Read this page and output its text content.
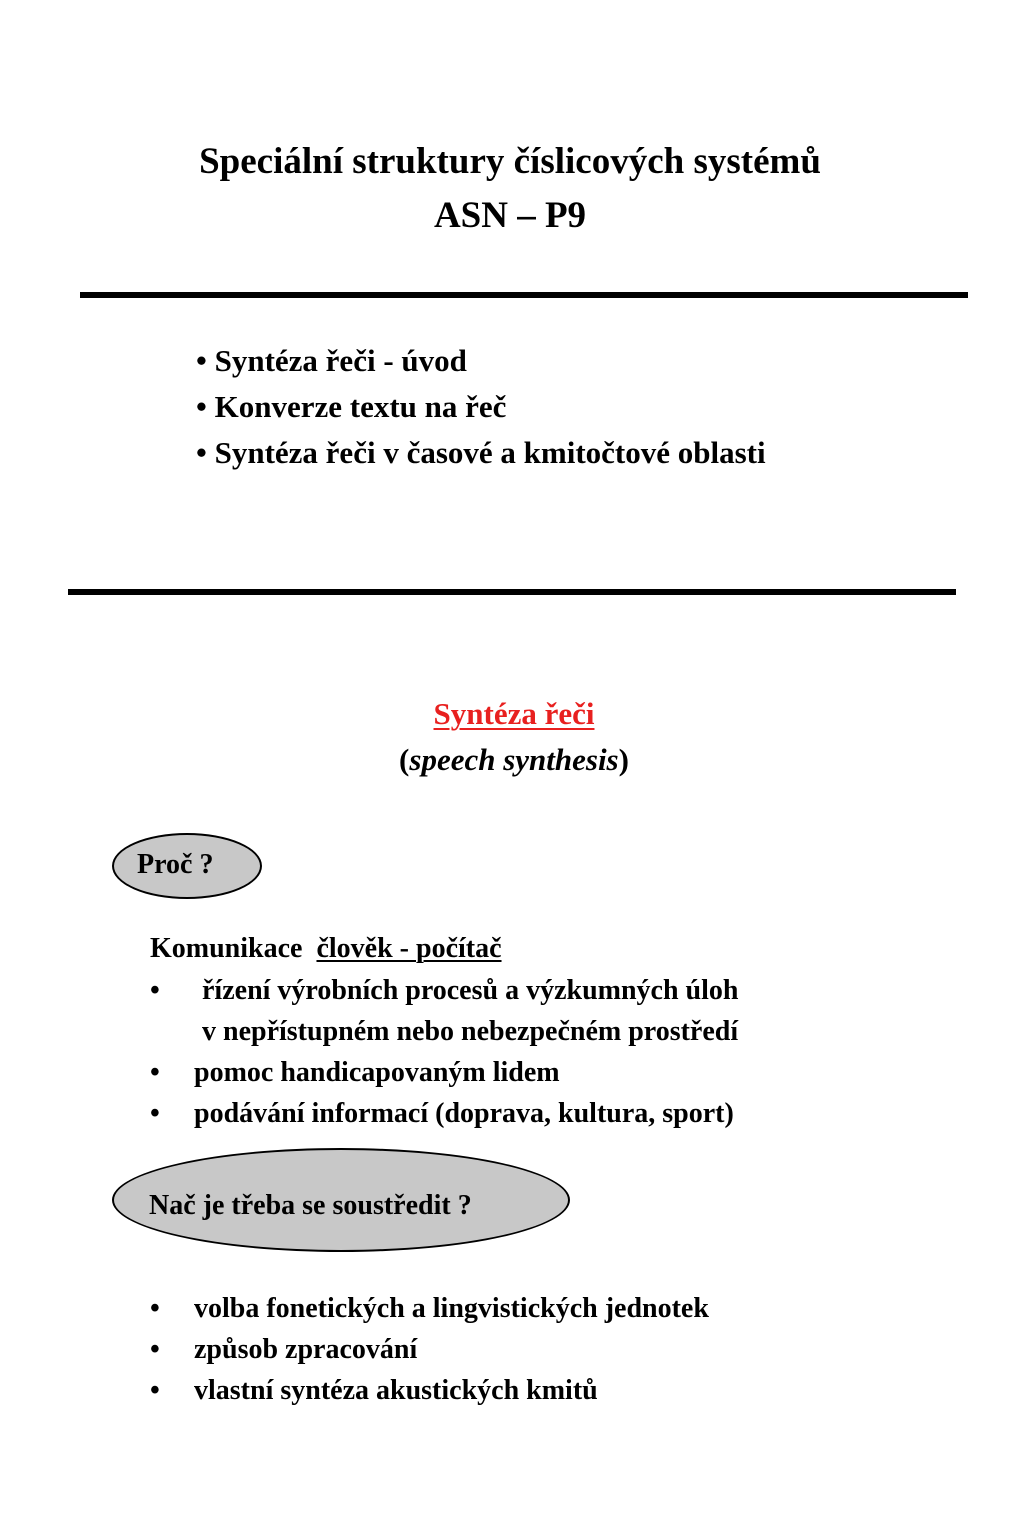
Speciální struktury číslicových systémů
ASN – P9
• Syntéza řeči - úvod
• Konverze textu na řeč
• Syntéza řeči v časové a kmitočtové oblasti
Syntéza řeči
(speech synthesis)
Proč ?
Komunikace člověk - počítač
• řízení výrobních procesů a výzkumných úloh
v nepřístupném nebo nebezpečném prostředí
• pomoc handicapovaným lidem
• podávání informací (doprava, kultura, sport)
Nač je třeba se soustředit ?
• volba fonetických a lingvistických jednotek
• způsob zpracování
• vlastní syntéza akustických kmitů
